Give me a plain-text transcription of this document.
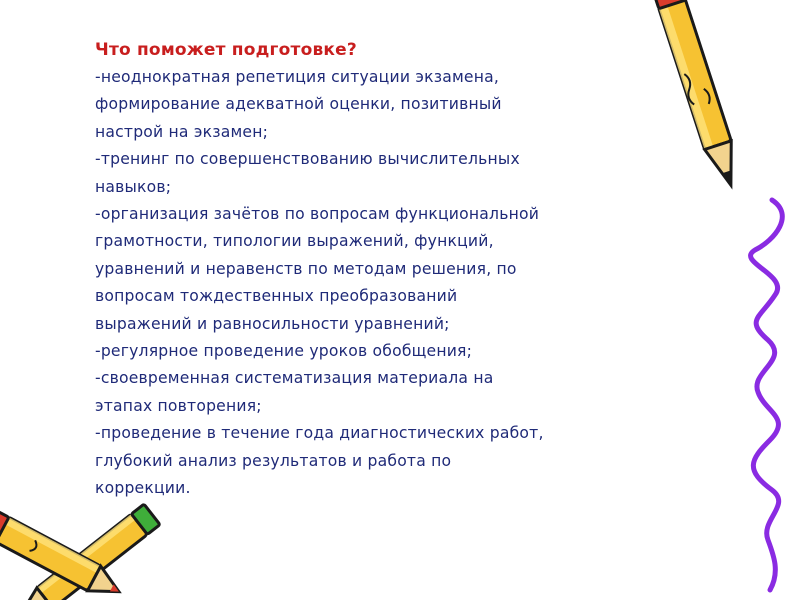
Что поможет подготовке?

-неоднократная репетиция ситуации экзамена,

формирование адекватной оценки, позитивный

настрой на экзамен;

-тренинг по совершенствованию вычислительных

навыков;

-организация зачётов по вопросам функциональной

грамотности, типологии выражений, функций,

уравнений и неравенств по методам решения, по

вопросам тождественных преобразований

выражений и равносильности уравнений;

-регулярное проведение уроков обобщения;

-своевременная систематизация материала на

этапах повторения;

-проведение в течение года диагностических работ,

глубокий анализ результатов и работа по

коррекции.
